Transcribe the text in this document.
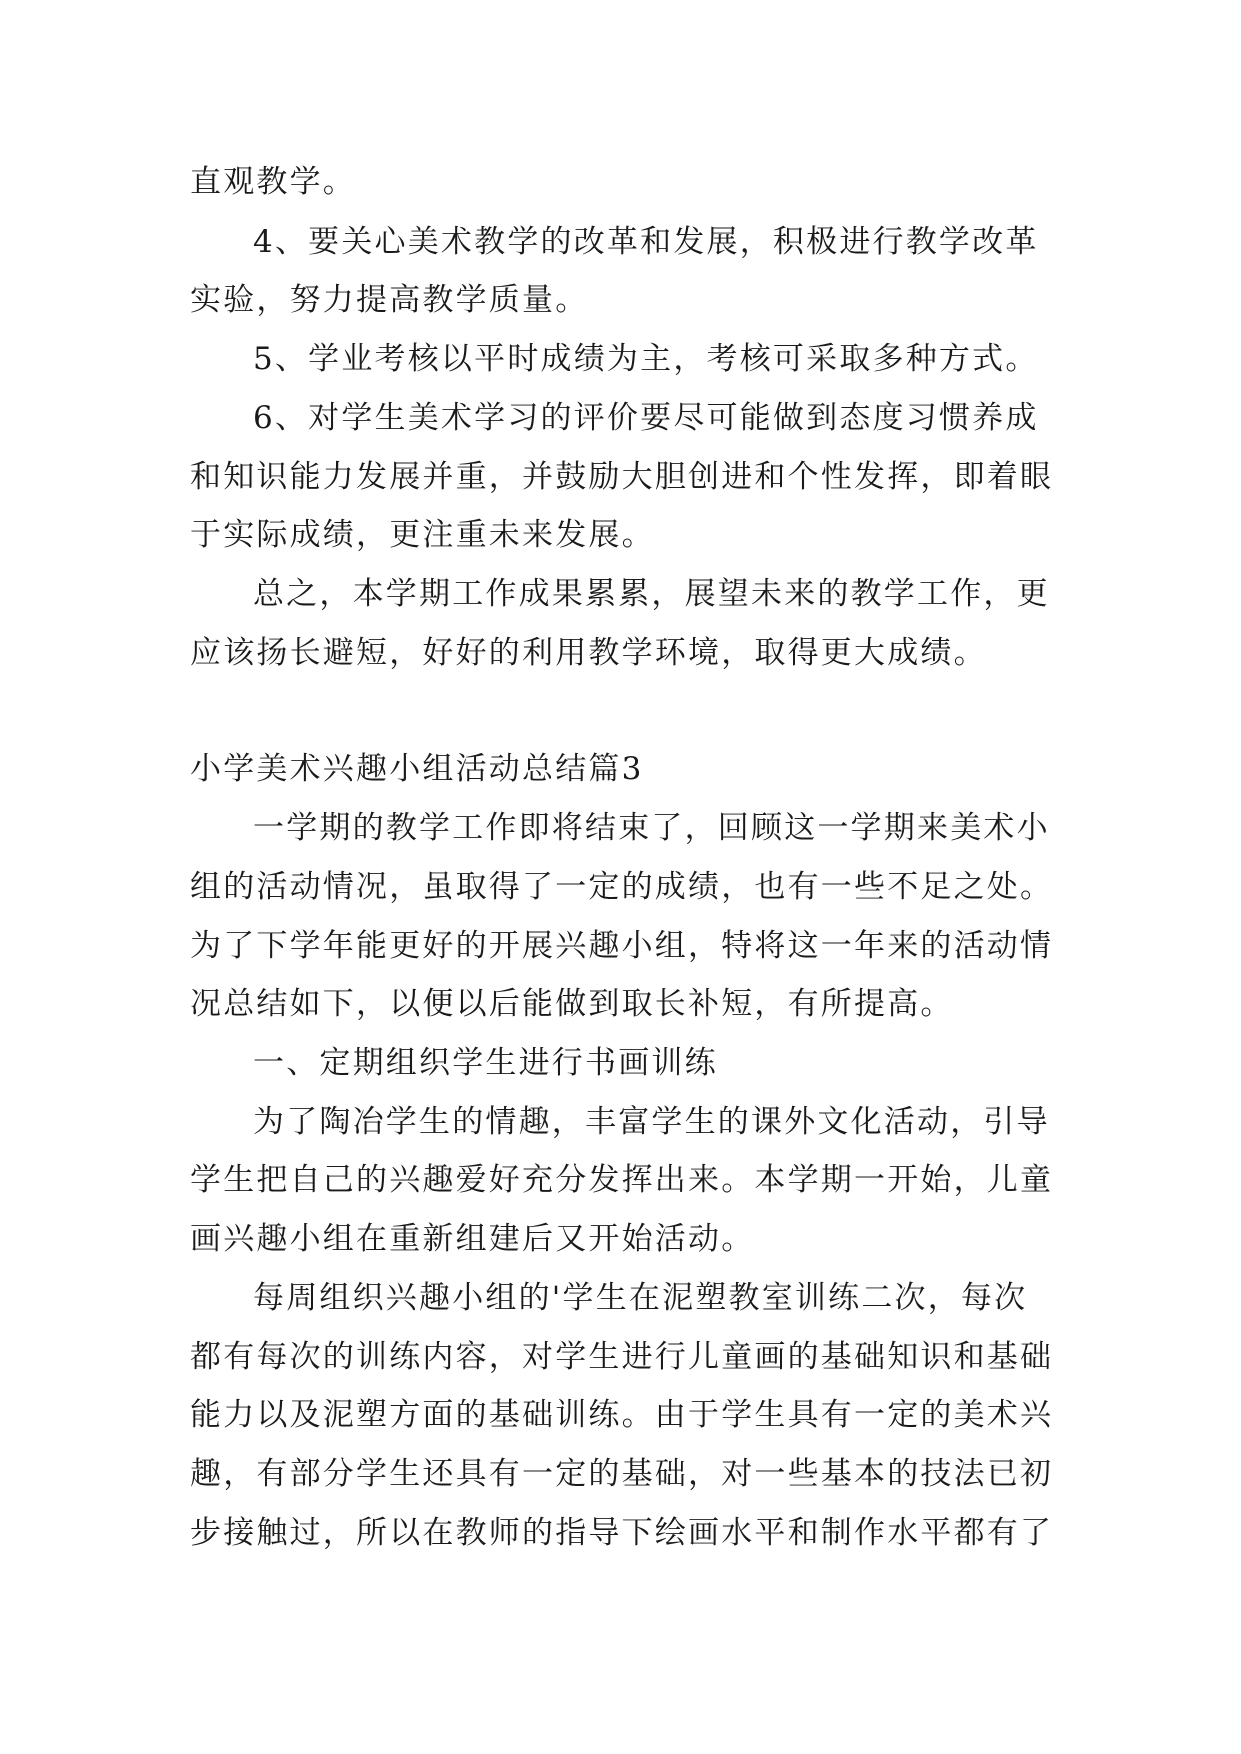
直观教学。
4、要关心美术教学的改革和发展，积极进行教学改革
实验，努力提高教学质量。
5、学业考核以平时成绩为主，考核可采取多种方式。
6、对学生美术学习的评价要尽可能做到态度习惯养成
和知识能力发展并重，并鼓励大胆创进和个性发挥，即着眼
于实际成绩，更注重未来发展。
总之，本学期工作成果累累，展望未来的教学工作，更
应该扬长避短，好好的利用教学环境，取得更大成绩。
小学美术兴趣小组活动总结篇3
一学期的教学工作即将结束了，回顾这一学期来美术小
组的活动情况，虽取得了一定的成绩，也有一些不足之处。
为了下学年能更好的开展兴趣小组，特将这一年来的活动情
况总结如下，以便以后能做到取长补短，有所提高。
一、定期组织学生进行书画训练
为了陶冶学生的情趣，丰富学生的课外文化活动，引导
学生把自己的兴趣爱好充分发挥出来。本学期一开始，儿童
画兴趣小组在重新组建后又开始活动。
每周组织兴趣小组的'学生在泥塑教室训练二次，每次
都有每次的训练内容，对学生进行儿童画的基础知识和基础
能力以及泥塑方面的基础训练。由于学生具有一定的美术兴
趣，有部分学生还具有一定的基础，对一些基本的技法已初
步接触过，所以在教师的指导下绘画水平和制作水平都有了
